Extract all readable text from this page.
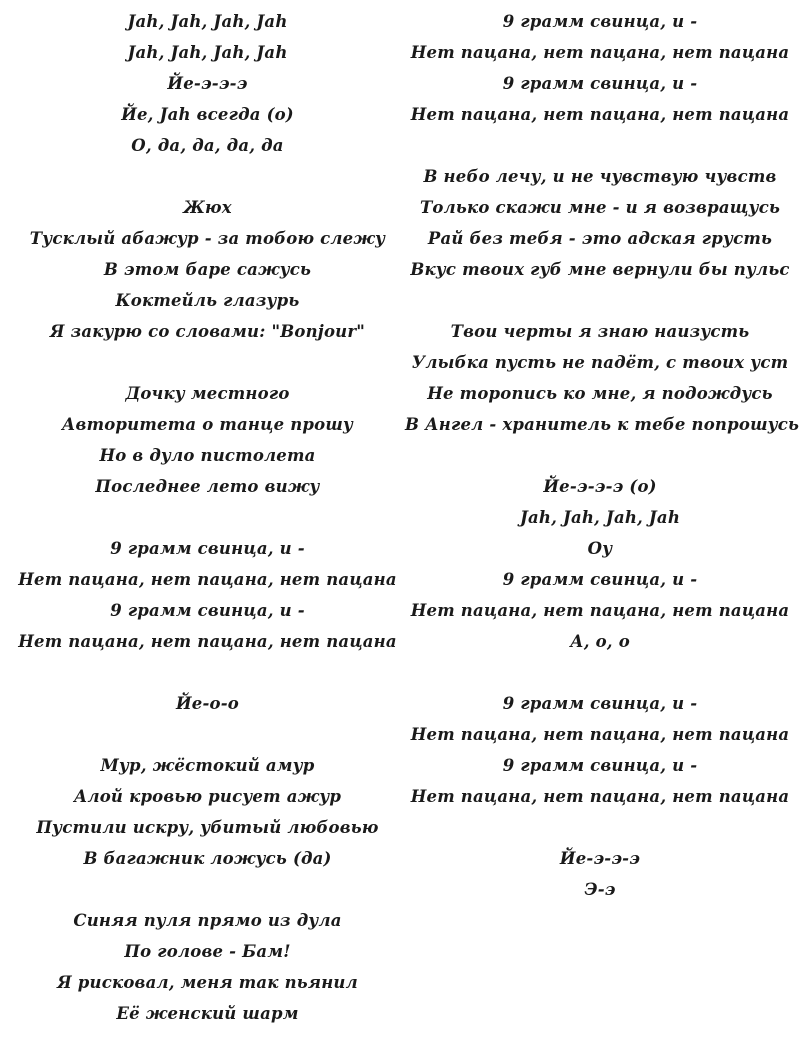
Jah, Jah, Jah, Jah
Jah, Jah, Jah, Jah
Йе-э-э-э
Йе, Jah всегда (о)
О, да, да, да, да
Жюх
Тусклый абажур - за тобою слежу
В этом баре сажусь
Коктейль глазурь
Я закурю со словами: "Bonjour"
Дочку местного
Авторитета о танце прошу
Но в дуло пистолета
Последнее лето вижу
9 грамм свинца, и -
Нет пацана, нет пацана, нет пацана
9 грамм свинца, и -
Нет пацана, нет пацана, нет пацана
Йе-о-о
Мур, жёстокий амур
Алой кровью рисует ажур
Пустили искру, убитый любовью
В багажник ложусь (да)
Синяя пуля прямо из дула
По голове - Бам!
Я рисковал, меня так пьянил
Её женский шарм
9 грамм свинца, и -
Нет пацана, нет пацана, нет пацана
9 грамм свинца, и -
Нет пацана, нет пацана, нет пацана
В небо лечу, и не чувствую чувств
Только скажи мне - и я возвращусь
Рай без тебя - это адская грусть
Вкус твоих губ мне вернули бы пульс
Твои черты я знаю наизусть
Улыбка пусть не падёт, с твоих уст
Не торопись ко мне, я подождусь
В Ангел - хранитель к тебе попрошусь
Йе-э-э-э (о)
Jah, Jah, Jah, Jah
Оу
9 грамм свинца, и -
Нет пацана, нет пацана, нет пацана
А, о, о
9 грамм свинца, и -
Нет пацана, нет пацана, нет пацана
9 грамм свинца, и -
Нет пацана, нет пацана, нет пацана
Йе-э-э-э
Э-э
